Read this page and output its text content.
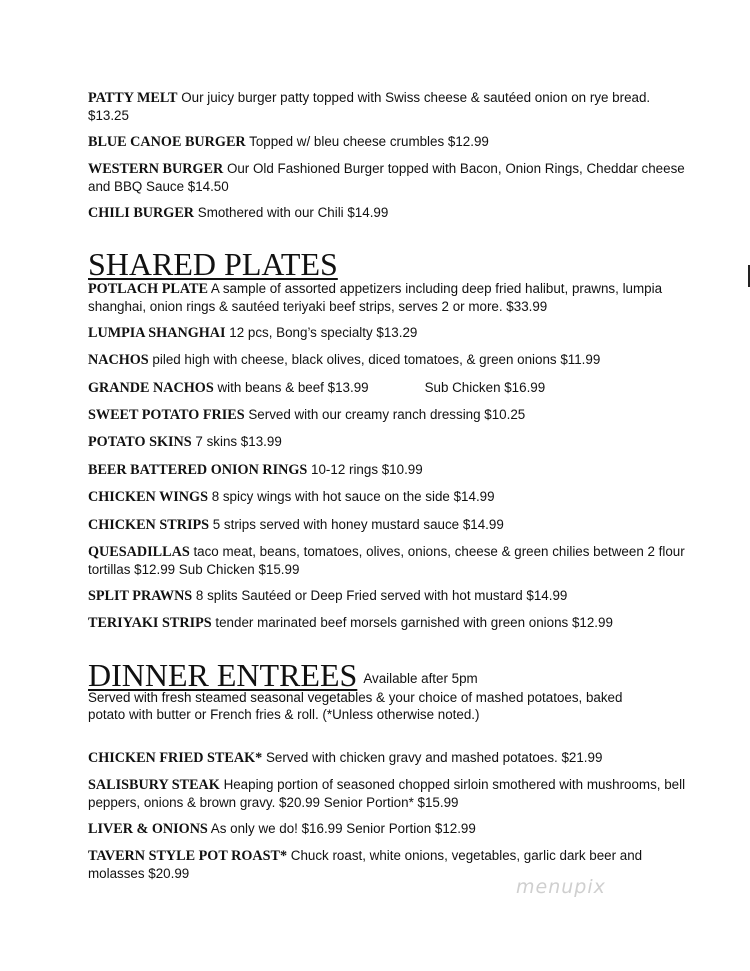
PATTY MELT Our juicy burger patty topped with Swiss cheese & sautéed onion on rye bread. $13.25
BLUE CANOE BURGER Topped w/ bleu cheese crumbles $12.99
WESTERN BURGER Our Old Fashioned Burger topped with Bacon, Onion Rings, Cheddar cheese and BBQ Sauce $14.50
CHILI BURGER Smothered with our Chili $14.99
SHARED PLATES
POTLACH PLATE A sample of assorted appetizers including deep fried halibut, prawns, lumpia shanghai, onion rings & sautéed teriyaki beef strips, serves 2 or more. $33.99
LUMPIA SHANGHAI 12 pcs, Bong’s specialty $13.29
NACHOS piled high with cheese, black olives, diced tomatoes, & green onions $11.99
GRANDE NACHOS with beans & beef $13.99	Sub Chicken $16.99
SWEET POTATO FRIES Served with our creamy ranch dressing $10.25
POTATO SKINS 7 skins $13.99
BEER BATTERED ONION RINGS 10-12 rings $10.99
CHICKEN WINGS 8 spicy wings with hot sauce on the side $14.99
CHICKEN STRIPS 5 strips served with honey mustard sauce $14.99
QUESADILLAS taco meat, beans, tomatoes, olives, onions, cheese & green chilies between 2 flour tortillas $12.99 Sub Chicken $15.99
SPLIT PRAWNS 8 splits Sautéed or Deep Fried served with hot mustard $14.99
TERIYAKI STRIPS tender marinated beef morsels garnished with green onions $12.99
DINNER ENTREES Available after 5pm
Served with fresh steamed seasonal vegetables & your choice of mashed potatoes, baked potato with butter or French fries & roll. (*Unless otherwise noted.)
CHICKEN FRIED STEAK* Served with chicken gravy and mashed potatoes. $21.99
SALISBURY STEAK Heaping portion of seasoned chopped sirloin smothered with mushrooms, bell peppers, onions & brown gravy. $20.99 Senior Portion* $15.99
LIVER & ONIONS As only we do! $16.99 Senior Portion $12.99
TAVERN STYLE POT ROAST* Chuck roast, white onions, vegetables, garlic dark beer and molasses $20.99
menupix
